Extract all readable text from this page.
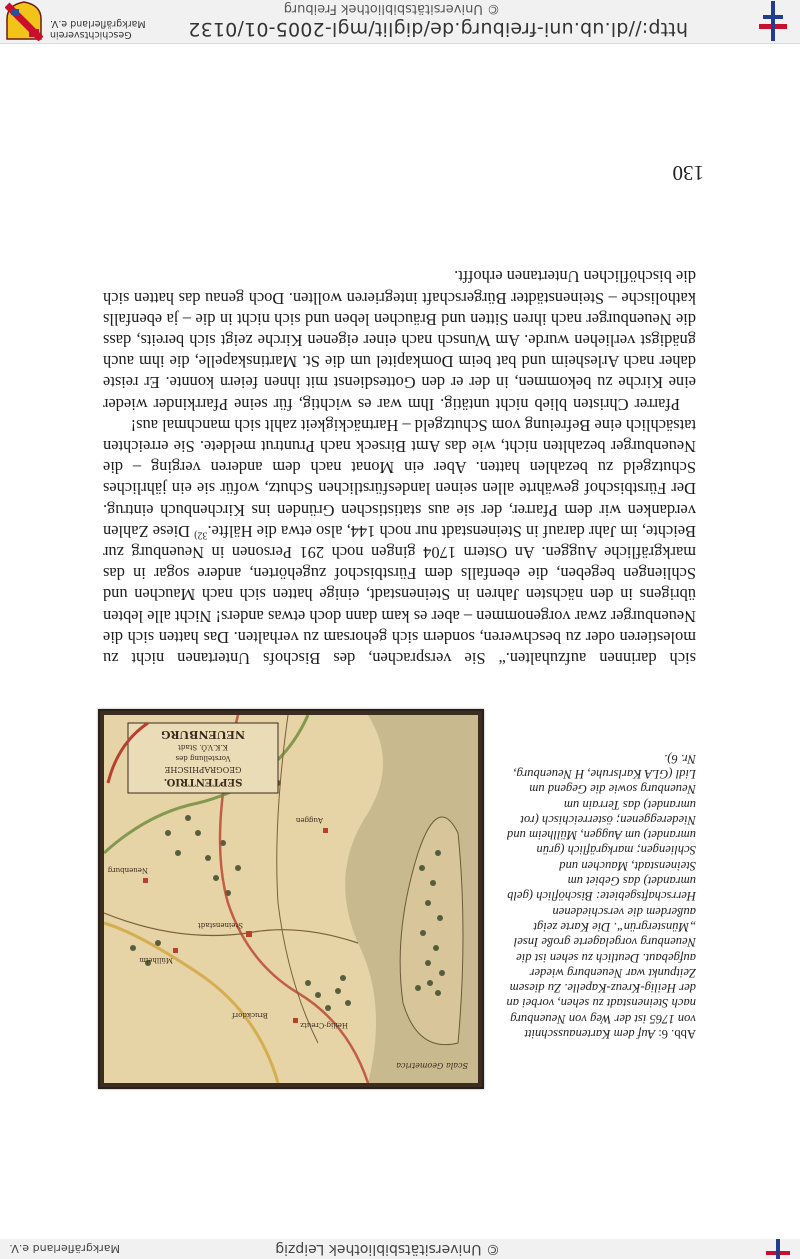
http://dl.ub.uni-freiburg.de/diglit/mgl-2005-01/0132
© Universitätsbibliothek Freiburg
Geschichtsverein
Markgräflerland e.V.
© Universitätsbibliothek Leipzig
Markgräflerland e.V.
SEPTENTRIO.
GEOGRAPHISCHE
Vorstellung des
K.K.V.Ö. Stadt
NEUENBURG
Bruckdorf
Heilig-Creutz
Steinenstadt
Müllheim
Auggen
Neuenburg
Scala Geometrica
Abb. 6: Auf dem Kartenausschnitt von 1765 ist der Weg von Neuenburg nach Steinenstadt zu sehen, vorbei an der Heilig-Kreuz-Kapelle. Zu diesem Zeitpunkt war Neuenburg wieder aufgebaut. Deutlich zu sehen ist die Neuenburg vorgelagerte große Insel „Münstergrün“. Die Karte zeigt außerdem die verschiedenen Herrschaftsgebiete: Bischöflich (gelb umrandet) das Gebiet um Steinenstadt, Mauchen und Schliengen; markgräflich (grün umrandet) um Auggen, Müllheim und Niedereggenen; österreichisch (rot umrandet) das Terrain um Neuenburg sowie die Gegend um Lidl (GLA Karlsruhe, H Neuenburg, Nr. 6).

sich darinnen aufzuhalten.“ Sie versprachen, des Bischofs Untertanen nicht zu molestieren oder zu beschweren, sondern sich gehorsam zu verhalten. Das hatten sich die Neuenburger zwar vorgenommen – aber es kam dann doch etwas anders! Nicht alle lebten übrigens in den nächsten Jahren in Steinenstadt, einige hatten sich nach Mauchen und Schliengen begeben, die ebenfalls dem Fürstbischof zugehörten, andere sogar in das markgräfliche Auggen. An Ostern 1704 gingen noch 291 Personen in Neuenburg zur Beichte, im Jahr darauf in Steinenstadt nur noch 144, also etwa die Hälfte.$^{32)}$ Diese Zahlen verdanken wir dem Pfarrer, der sie aus statistischen Gründen ins Kirchenbuch eintrug. Der Fürstbischof gewährte allen seinen landesfürstlichen Schutz, wofür sie ein jährliches Schutzgeld zu bezahlen hatten. Aber ein Monat nach dem anderen verging – die Neuenburger bezahlten nicht, wie das Amt Birseck nach Pruntrut meldete. Sie erreichten tatsächlich eine Befreiung vom Schutzgeld – Hartnäckigkeit zahlt sich manchmal aus!

Pfarrer Christen blieb nicht untätig. Ihm war es wichtig, für seine Pfarrkinder wieder eine Kirche zu bekommen, in der er den Gottesdienst mit ihnen feiern konnte. Er reiste daher nach Arlesheim und bat beim Domkapitel um die St. Martinskapelle, die ihm auch gnädigst verliehen wurde. Am Wunsch nach einer eigenen Kirche zeigt sich bereits, dass die Neuenburger nach ihren Sitten und Bräuchen leben und sich nicht in die – ja ebenfalls katholische – Steinenstädter Bürgerschaft integrieren wollten. Doch genau das hatten sich die bischöflichen Untertanen erhofft.

130
